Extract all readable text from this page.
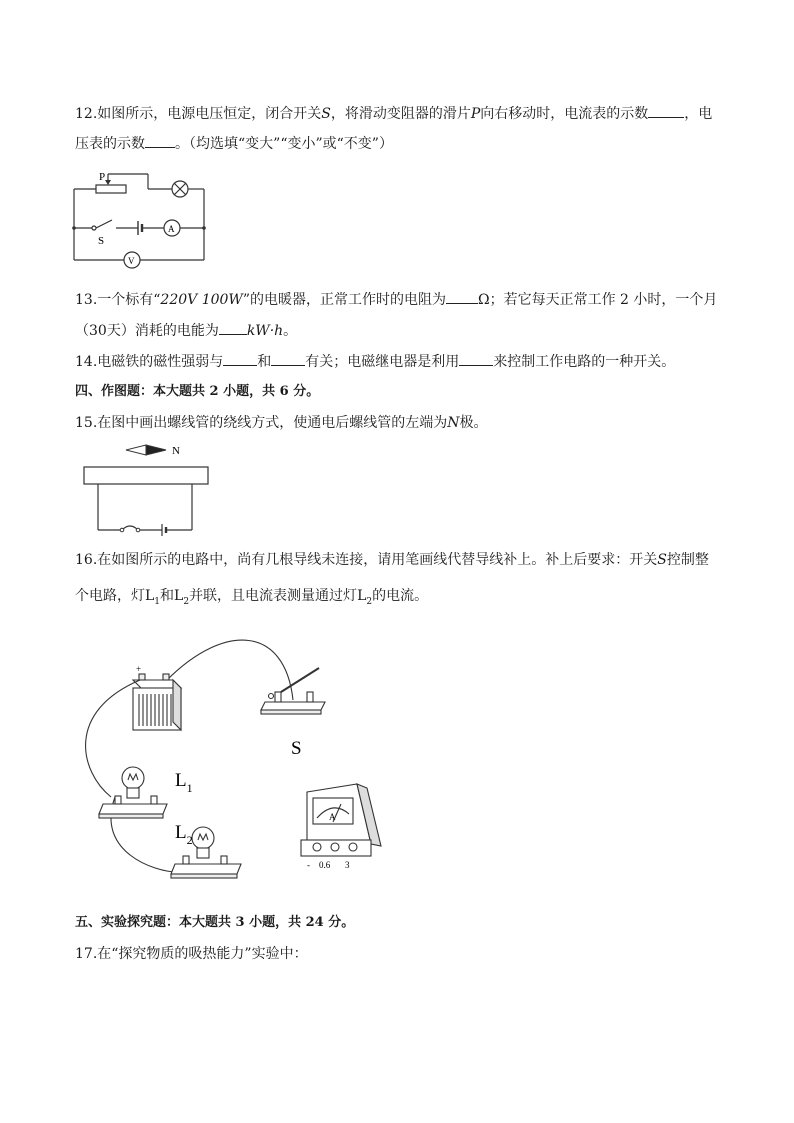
12.如图所示，电源电压恒定，闭合开关S，将滑动变阻器的滑片P向右移动时，电流表的示数	，电
压表的示数 。（均选填“变大”“变小”或“不变”）
P
S
A
V
13.一个标有“220V 100W”的电暖器，正常工作时的电阻为 Ω；若它每天正常工作 2 小时，一个月
（30天）消耗的电能为 kW·h。
14.电磁铁的磁性强弱与 和 有关；电磁继电器是利用 来控制工作电路的一种开关。
四、作图题：本大题共 2 小题，共 6 分。
15.在图中画出螺线管的绕线方式，使通电后螺线管的左端为N极。
N
16.在如图所示的电路中，尚有几根导线未连接，请用笔画线代替导线补上。补上后要求：开关S控制整
个电路，灯$L_1$和$L_2$并联，且电流表测量通过灯$L_2$的电流。
+
S
$L_1$
$L_2$
A
- 0.6 3
五、实验探究题：本大题共 3 小题，共 24 分。
17.在“探究物质的吸热能力”实验中：
